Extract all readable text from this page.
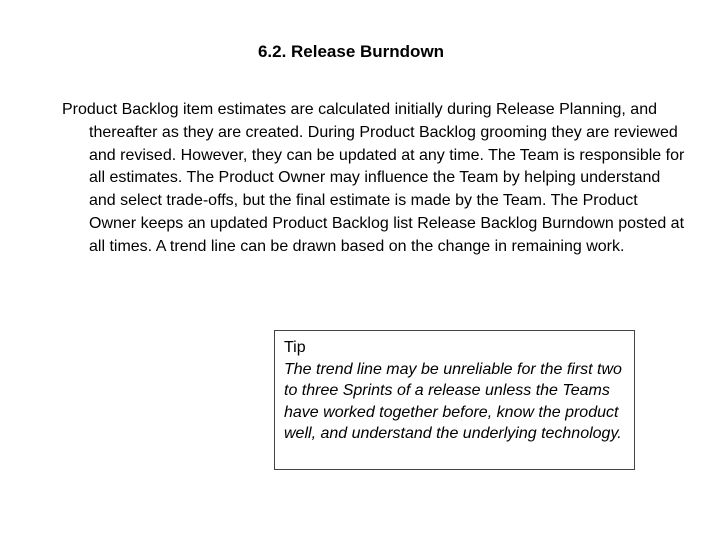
6.2. Release Burndown

Product Backlog item estimates are calculated initially during Release Planning, and thereafter as they are created. During Product Backlog grooming they are reviewed and revised. However, they can be updated at any time. The Team is responsible for all estimates. The Product Owner may influence the Team by helping understand and select trade-offs, but the final estimate is made by the Team. The Product Owner keeps an updated Product Backlog list Release Backlog Burndown posted at all times. A trend line can be drawn based on the change in remaining work.

Tip
The trend line may be unreliable for the first two to three Sprints of a release unless the Teams have worked together before, know the product well, and understand the underlying technology.
